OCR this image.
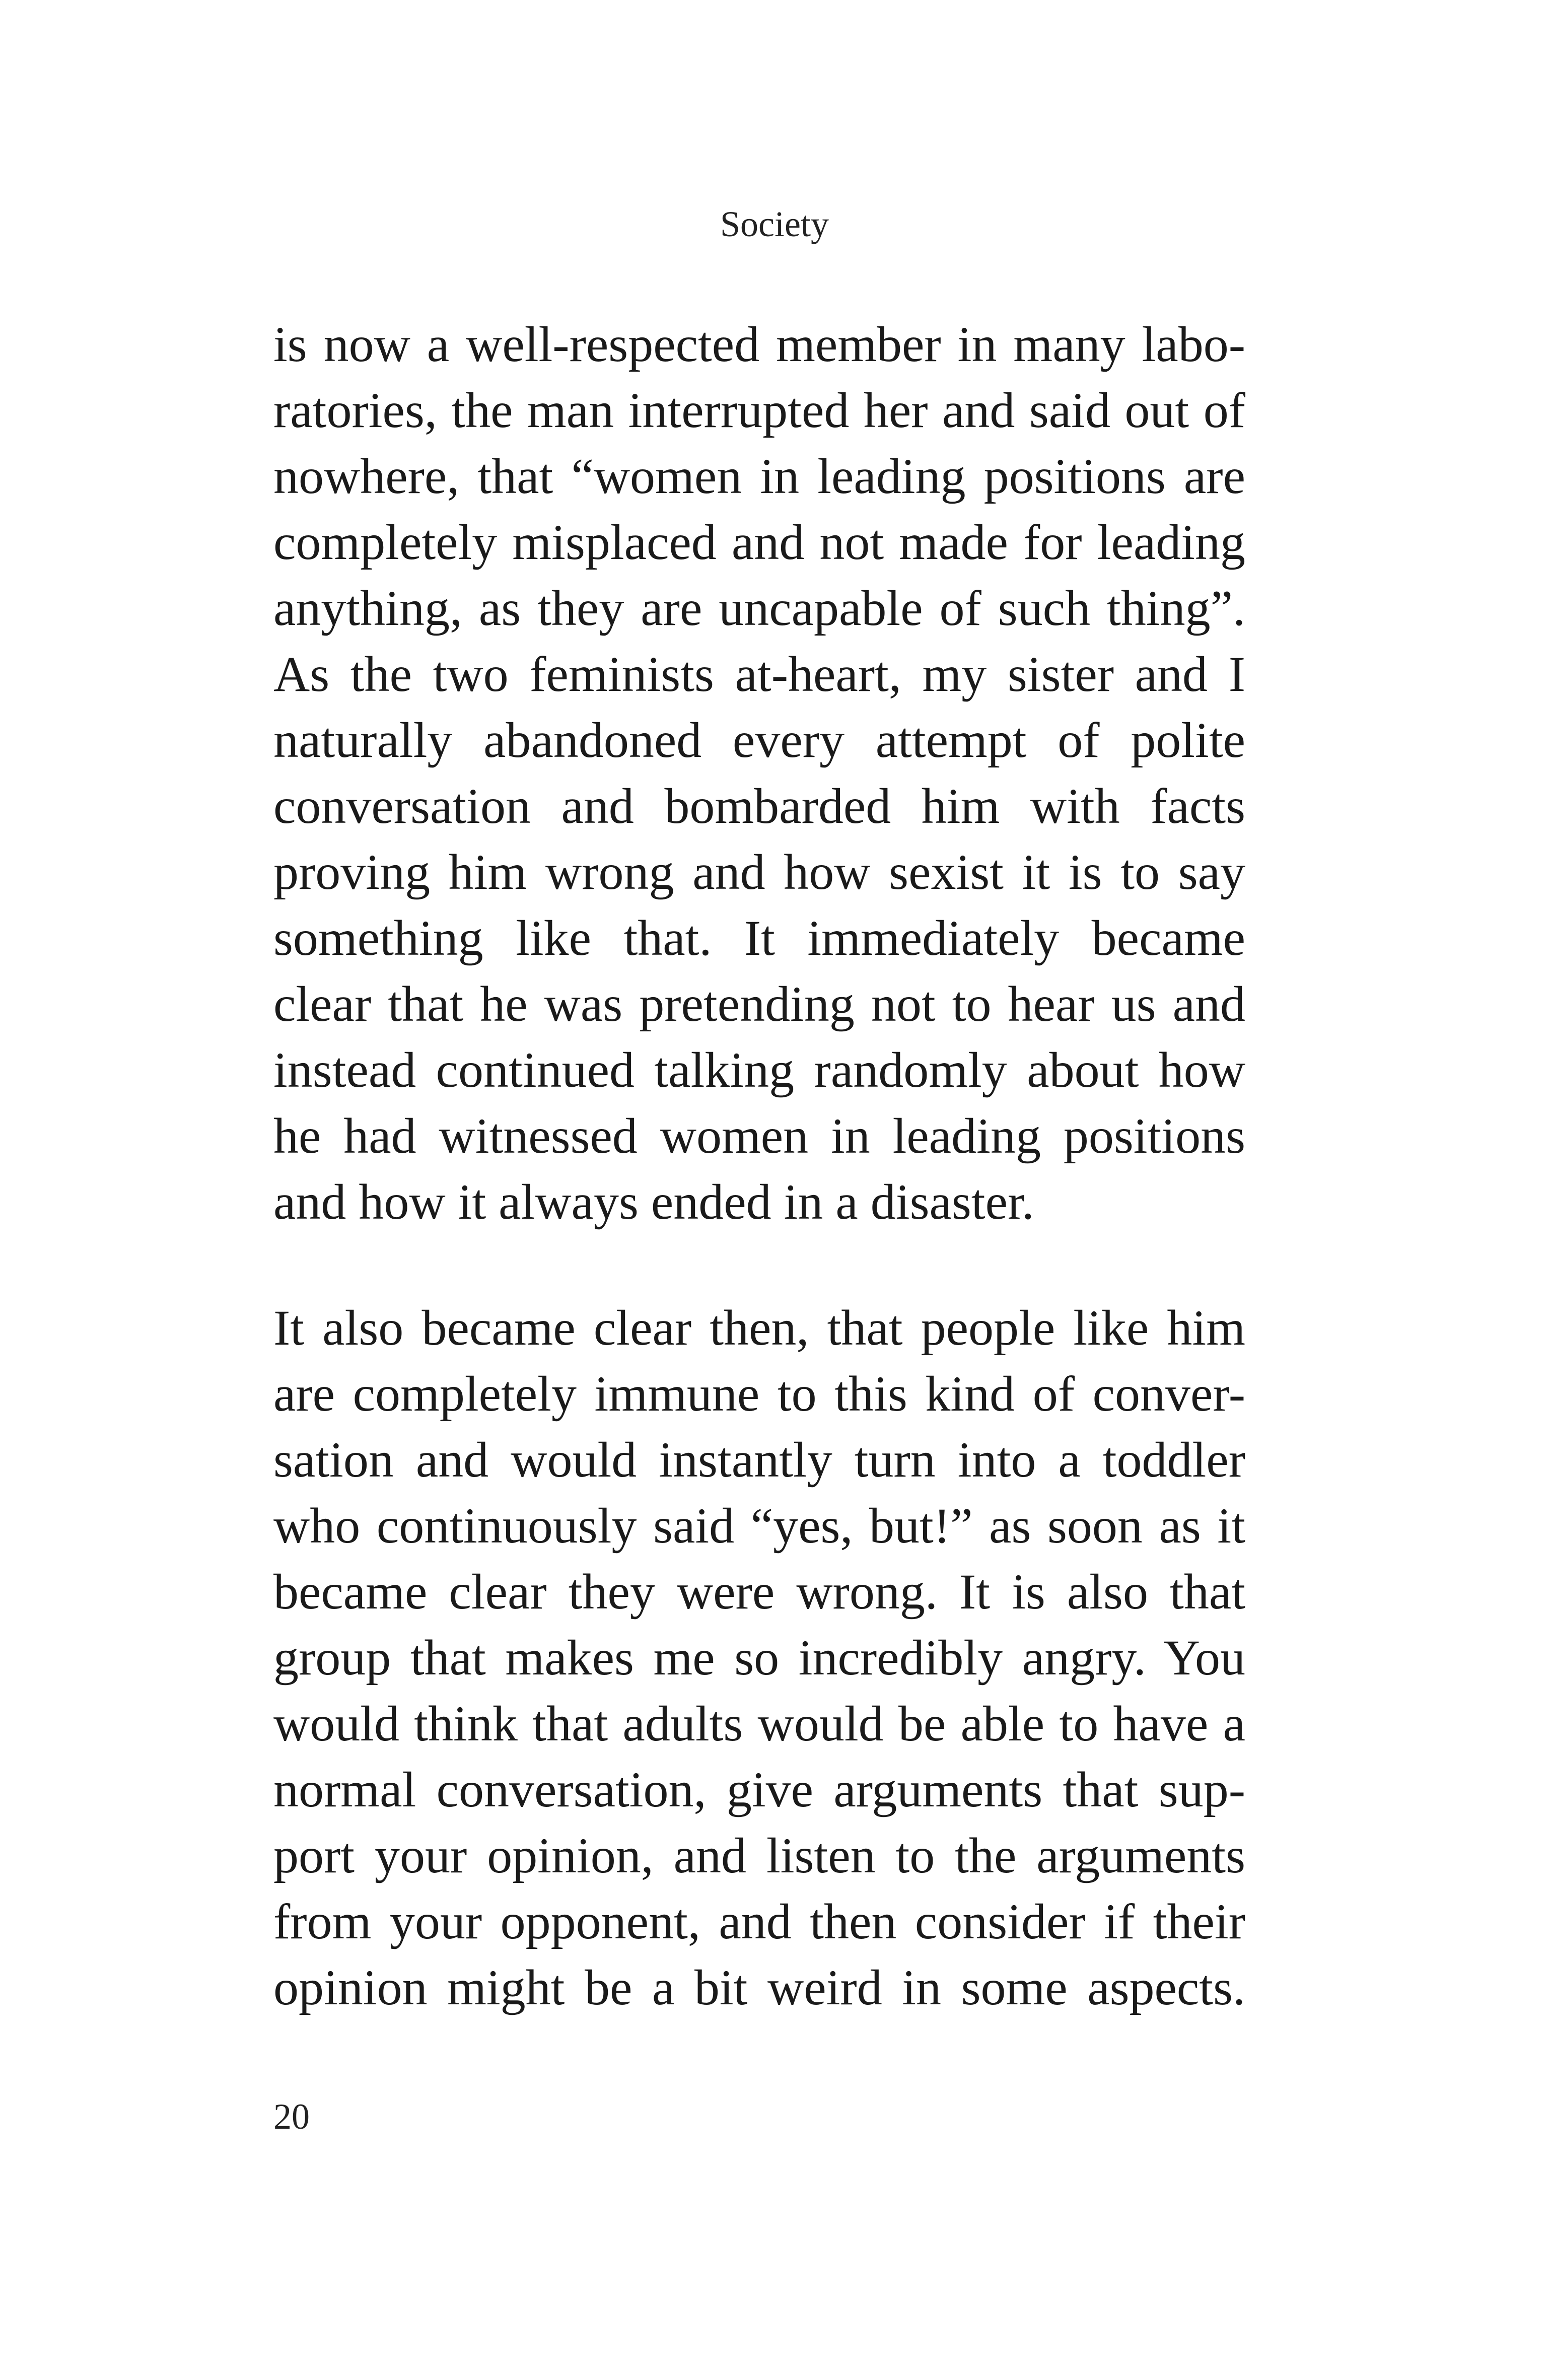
Society
is now a well-respected member in many labo-
ratories, the man interrupted her and said out of
nowhere, that “women in leading positions are
completely misplaced and not made for leading
anything, as they are uncapable of such thing”.
As the two feminists at-heart, my sister and I
naturally abandoned every attempt of polite
conversation and bombarded him with facts
proving him wrong and how sexist it is to say
something like that. It immediately became
clear that he was pretending not to hear us and
instead continued talking randomly about how
he had witnessed women in leading positions
and how it always ended in a disaster.
It also became clear then, that people like him
are completely immune to this kind of conver-
sation and would instantly turn into a toddler
who continuously said “yes, but!” as soon as it
became clear they were wrong. It is also that
group that makes me so incredibly angry. You
would think that adults would be able to have a
normal conversation, give arguments that sup-
port your opinion, and listen to the arguments
from your opponent, and then consider if their
opinion might be a bit weird in some aspects.
20
